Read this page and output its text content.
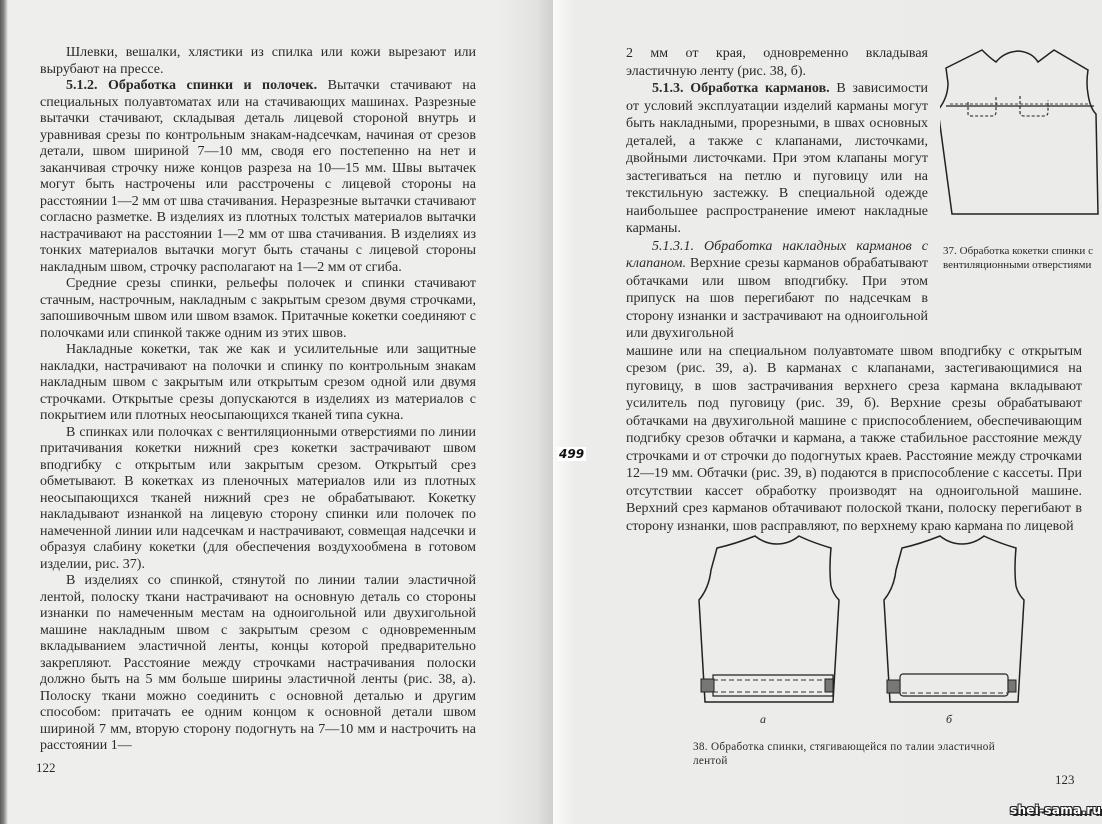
Шлевки, вешалки, хлястики из спилка или кожи вырезают или вырубают на прессе.

5.1.2. Обработка спинки и полочек. Вытачки стачивают на специальных полуавтоматах или на стачивающих машинах. Разрезные вытачки стачивают, складывая деталь лицевой стороной внутрь и уравнивая срезы по контрольным знакам-надсечкам, начиная от срезов детали, швом шириной 7—10 мм, сводя его постепенно на нет и заканчивая строчку ниже концов разреза на 10—15 мм. Швы вытачек могут быть настрочены или расстрочены с лицевой стороны на расстоянии 1—2 мм от шва стачивания. Неразрезные вытачки стачивают согласно разметке. В изделиях из плотных толстых материалов вытачки настрачивают на расстоянии 1—2 мм от шва стачивания. В изделиях из тонких материалов вытачки могут быть стачаны с лицевой стороны накладным швом, строчку располагают на 1—2 мм от сгиба.

Средние срезы спинки, рельефы полочек и спинки стачивают стачным, настрочным, накладным с закрытым срезом двумя строчками, запошивочным швом или швом взамок. Притачные кокетки соединяют с полочками или спинкой также одним из этих швов.

Накладные кокетки, так же как и усилительные или защитные накладки, настрачивают на полочки и спинку по контрольным знакам накладным швом с закрытым или открытым срезом одной или двумя строчками. Открытые срезы допускаются в изделиях из материалов с покрытием или плотных неосыпающихся тканей типа сукна.

В спинках или полочках с вентиляционными отверстиями по линии притачивания кокетки нижний срез кокетки застрачивают швом вподгибку с открытым или закрытым срезом. Открытый срез обметывают. В кокетках из пленочных материалов или из плотных неосыпающихся тканей нижний срез не обрабатывают. Кокетку накладывают изнанкой на лицевую сторону спинки или полочек по намеченной линии или надсечкам и настрачивают, совмещая надсечки и образуя слабину кокетки (для обеспечения воздухообмена в готовом изделии, рис. 37).

В изделиях со спинкой, стянутой по линии талии эластичной лентой, полоску ткани настрачивают на основную деталь со стороны изнанки по намеченным местам на одноигольной или двухигольной машине накладным швом с закрытым срезом с одновременным вкладыванием эластичной ленты, концы которой предварительно закрепляют. Расстояние между строчками настрачивания полоски должно быть на 5 мм больше ширины эластичной ленты (рис. 38, а). Полоску ткани можно соединить с основной деталью и другим способом: притачать ее одним концом к основной детали швом шириной 7 мм, вторую сторону подогнуть на 7—10 мм и настрочить на расстоянии 1—

122

2 мм от края, одновременно вкладывая эластичную ленту (рис. 38, б).

5.1.3. Обработка карманов. В зависимости от условий эксплуатации изделий карманы могут быть накладными, прорезными, в швах основных деталей, а также с клапанами, листочками, двойными листочками. При этом клапаны могут застегиваться на петлю и пуговицу или на текстильную застежку. В специальной одежде наибольшее распространение имеют накладные карманы.

5.1.3.1. Обработка накладных карманов с клапаном. Верхние срезы карманов обрабатывают обтачками или швом вподгибку. При этом припуск на шов перегибают по надсечкам в сторону изнанки и застрачивают на одноигольной или двухигольной

машине или на специальном полуавтомате швом вподгибку с открытым срезом (рис. 39, а). В карманах с клапанами, застегивающимися на пуговицу, в шов застрачивания верхнего среза кармана вкладывают усилитель под пуговицу (рис. 39, б). Верхние срезы обрабатывают обтачками на двухигольной машине с приспособлением, обеспечивающим подгибку срезов обтачки и кармана, а также стабильное расстояние между строчками и от строчки до подогнутых краев. Расстояние между строчками 12—19 мм. Обтачки (рис. 39, в) подаются в приспособление с кассеты. При отсутствии кассет обработку производят на одноигольной машине. Верхний срез карманов обтачивают полоской ткани, полоску перегибают в сторону изнанки, шов расправляют, по верхнему краю кармана по лицевой

37. Обработка кокетки спинки с вентиляционными отверстиями
а	б
38. Обработка спинки, стягивающейся по талии эластичной лентой
123
499
shei-sama.ru
